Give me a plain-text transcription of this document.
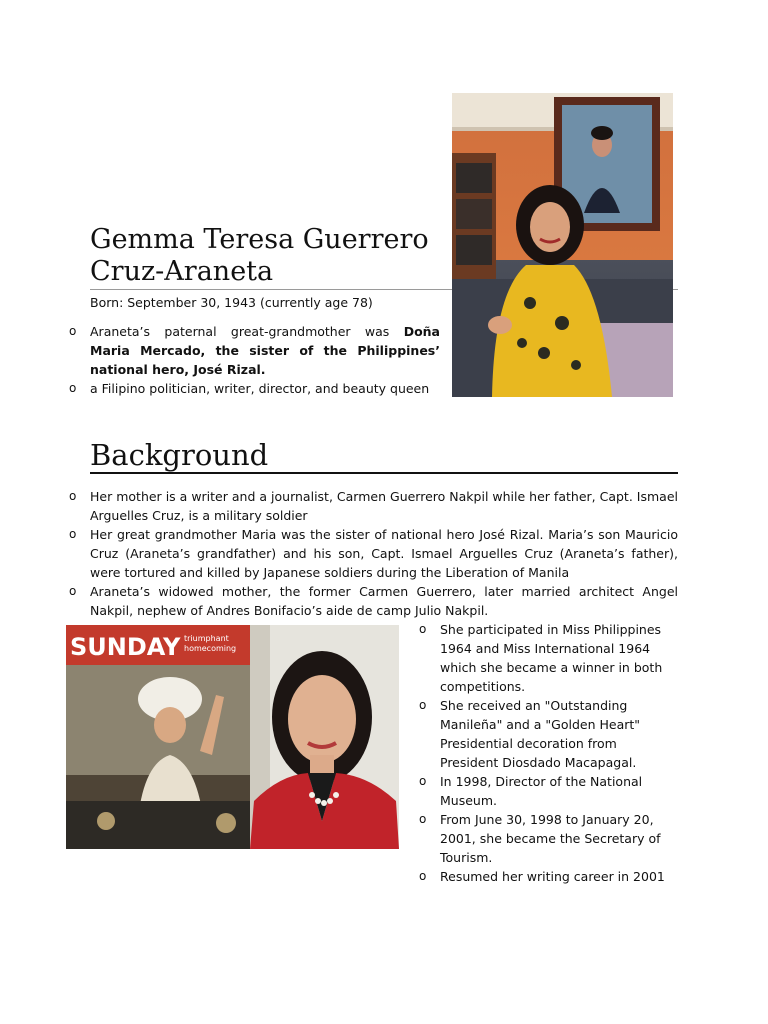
Gemma Teresa Guerrero
Cruz-Araneta
Born: September 30, 1943 (currently age 78)
o Araneta’s paternal great-grandmother was Doña Maria Mercado, the sister of the Philippines’ national hero, José Rizal.
o a Filipino politician, writer, director, and beauty queen
Background
o Her mother is a writer and a journalist, Carmen Guerrero Nakpil while her father, Capt. Ismael Arguelles Cruz, is a military soldier
o Her great grandmother Maria was the sister of national hero José Rizal. Maria’s son Mauricio Cruz (Araneta’s grandfather) and his son, Capt. Ismael Arguelles Cruz (Araneta’s father), were tortured and killed by Japanese soldiers during the Liberation of Manila
o Araneta’s widowed mother, the former Carmen Guerrero, later married architect Angel Nakpil, nephew of Andres Bonifacio’s aide de camp Julio Nakpil.
SUNDAY triumphant
homecoming
o She participated in Miss Philippines 1964 and Miss International 1964 which she became a winner in both competitions.
o She received an "Outstanding Manileña" and a "Golden Heart" Presidential decoration from President Diosdado Macapagal.
o In 1998, Director of the National Museum.
o From June 30, 1998 to January 20, 2001, she became the Secretary of Tourism.
o Resumed her writing career in 2001
